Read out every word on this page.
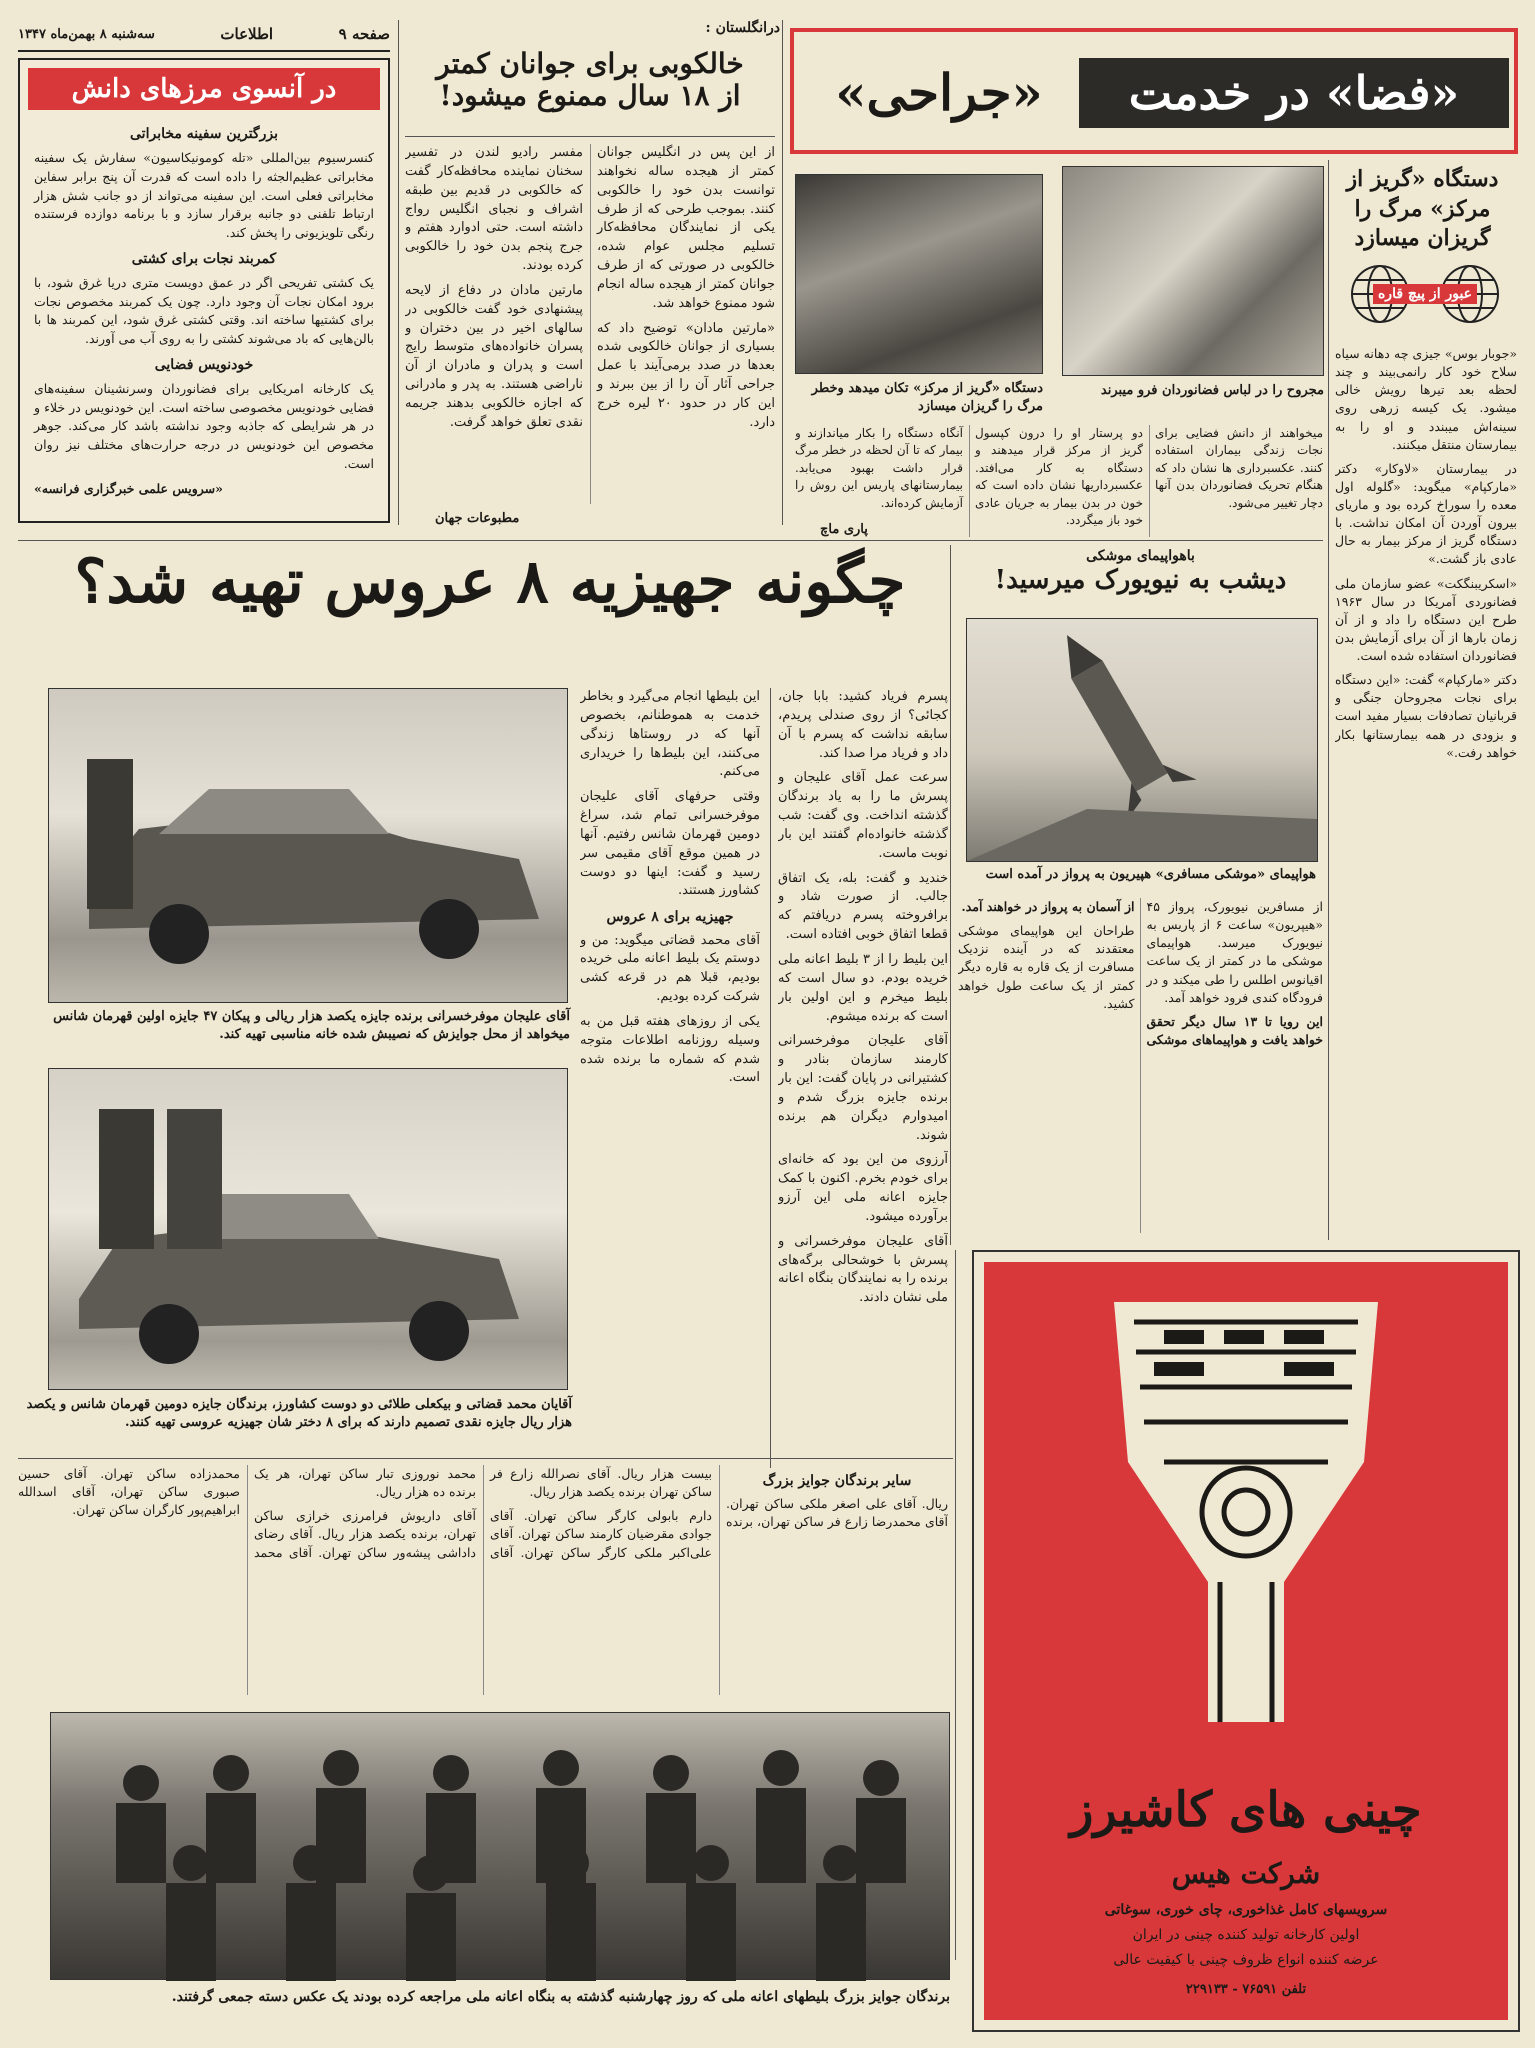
صفحه ۹
اطلاعات
سه‌شنبه ۸ بهمن‌ماه ۱۳۴۷	درانگلستان :
در آنسوی مرزهای دانش
بزرگترین سفینه مخابراتی

کنسرسیوم بین‌المللی «تله کومونیکاسیون» سفارش یک سفینه مخابراتی عظیم‌الجثه را داده است که قدرت آن پنج برابر سفاین مخابراتی فعلی است. این سفینه می‌تواند از دو جانب شش هزار ارتباط تلفنی دو جانبه برقرار سازد و با برنامه دوازده فرستنده رنگی تلویزیونی را پخش کند.

کمربند نجات برای کشتی

یک کشتی تفریحی اگر در عمق دویست متری دریا غرق شود، با برود امکان نجات آن وجود دارد. چون یک کمربند مخصوص نجات برای کشتیها ساخته اند. وقتی کشتی غرق شود، این کمربند ها با بالن‌هایی که باد می‌شوند کشتی را به روی آب می آورند.

خودنویس فضایی

یک کارخانه امریکایی برای فضانوردان وسرنشینان سفینه‌های فضایی خودنویس مخصوصی ساخته است. این خودنویس در خلاء و در هر شرایطی که جاذبه وجود نداشته باشد کار می‌کند. جوهر مخصوص این خودنویس در درجه حرارت‌های مختلف نیز روان است.

«سرویس علمی خبرگزاری فرانسه»

خالکوبی برای جوانان کمتر
از ۱۸ سال ممنوع میشود!

از این پس در انگلیس جوانان کمتر از هیجده ساله نخواهند توانست بدن خود را خالکوبی کنند. بموجب طرحی که از طرف یکی از نمایندگان محافظه‌کار تسلیم مجلس عوام شده، خالکوبی در صورتی که از طرف جوانان کمتر از هیجده ساله انجام شود ممنوع خواهد شد.

«مارتین مادان» توضیح داد که بسیاری از جوانان خالکوبی شده بعدها در صدد برمی‌آیند با عمل جراحی آثار آن را از بین ببرند و این کار در حدود ۲۰ لیره خرج دارد.

مفسر رادیو لندن در تفسیر سخنان نماینده محافظه‌کار گفت که خالکوبی در قدیم بین طبقه اشراف و نجبای انگلیس رواج داشته است. حتی ادوارد هفتم و جرج پنجم بدن خود را خالکوبی کرده بودند.

مارتین مادان در دفاع از لایحه پیشنهادی خود گفت خالکوبی در سالهای اخیر در بین دختران و پسران خانواده‌های متوسط رایج است و پدران و مادران از آن ناراضی هستند. به پدر و مادرانی که اجازه خالکوبی بدهند جریمه نقدی تعلق خواهد گرفت.

مطبوعات جهان
«فضا» در خدمت
«جراحی»
دستگاه «گریز از مرکز» مرگ را گریزان میسازد
عبور از پیچ قاره
دستگاه «گریز از مرکز» تکان میدهد وخطر مرگ را گریزان میسازد
مجروح را در لباس فضانوردان فرو میبرند

«جوبار بوس» جیزی چه دهانه سیاه سلاح خود کار رانمی‌بیند و چند لحظه بعد تیرها رویش خالی میشود. یک کیسه زرهی روی سینه‌اش میبندد و او را به بیمارستان منتقل میکنند.

در بیمارستان «لاوکار» دکتر «مارکپام» میگوید: «گلوله اول معده را سوراخ کرده بود و ماریای بیرون آوردن آن امکان نداشت. با دستگاه گریز از مرکز بیمار به حال عادی باز گشت.»

«اسکریبنگکت» عضو سازمان ملی فضانوردی آمریکا در سال ۱۹۶۳ طرح این دستگاه را داد و از آن زمان بارها از آن برای آزمایش بدن فضانوردان استفاده شده است.

دکتر «مارکپام» گفت: «این دستگاه برای نجات مجروحان جنگی و قربانیان تصادفات بسیار مفید است و بزودی در همه بیمارستانها بکار خواهد رفت.»

میخواهند از دانش فضایی برای نجات زندگی بیماران استفاده کنند. عکسبرداری ها نشان داد که هنگام تحریک فضانوردان بدن آنها دچار تغییر می‌شود.

دو پرستار او را درون کپسول گریز از مرکز قرار میدهند و دستگاه به کار می‌افتد. عکسبرداریها نشان داده است که خون در بدن بیمار به جریان عادی خود باز میگردد.

آنگاه دستگاه را بکار میاندازند و بیمار که تا آن لحظه در خطر مرگ قرار داشت بهبود می‌یابد. بیمارستانهای پاریس این روش را آزمایش کرده‌اند.

پاری ماچ
چگونه جهیزیه ۸ عروس تهیه شد؟	باهواپیمای موشکی
دیشب به نیویورک میرسید!
هواپیمای «موشکی مسافری» هپیریون به پرواز در آمده است

از مسافرین نیویورک، پرواز ۴۵ «هیپریون» ساعت ۶ از پاریس به نیویورک میرسد. هواپیمای موشکی ما در کمتر از یک ساعت اقیانوس اطلس را طی میکند و در فرودگاه کندی فرود خواهد آمد.

این رویا تا ۱۳ سال دیگر تحقق خواهد یافت و هواپیماهای موشکی از آسمان به پرواز در خواهند آمد.

طراحان این هواپیمای موشکی معتقدند که در آینده نزدیک مسافرت از یک قاره به قاره دیگر کمتر از یک ساعت طول خواهد کشید.

آقای علیجان موفرخسرانی برنده جایزه یکصد هزار ریالی و پیکان ۴۷ جایزه اولین قهرمان شانس میخواهد از محل جوایزش که نصیبش شده خانه مناسبی تهیه کند.
آقایان محمد قضاتی و بیکعلی طلائی دو دوست کشاورز، برندگان جایزه دومین قهرمان شانس و یکصد هزار ریال جایزه نقدی تصمیم دارند که برای ۸ دختر شان جهیزیه عروسی تهیه کنند.

این بلیطها انجام می‌گیرد و بخاطر خدمت به هموطنانم، بخصوص آنها که در روستاها زندگی می‌کنند، این بلیط‌ها را خریداری می‌کنم.

وقتی حرفهای آقای علیجان موفرخسرانی تمام شد، سراغ دومین قهرمان شانس رفتیم. آنها در همین موقع آقای مقیمی سر رسید و گفت: اینها دو دوست کشاورز هستند.

جهیزیه برای ۸ عروس

آقای محمد قضاتی میگوید: من و دوستم یک بلیط اعانه ملی خریده بودیم، قبلا هم در قرعه کشی شرکت کرده بودیم.

یکی از روزهای هفته قبل من به وسیله روزنامه اطلاعات متوجه شدم که شماره ما برنده شده است.

پسرم فریاد کشید: بابا جان، کجائی؟ از روی صندلی پریدم، سابقه نداشت که پسرم با آن داد و فریاد مرا صدا کند.

سرعت عمل آقای علیجان و پسرش ما را به یاد برندگان گذشته انداخت. وی گفت: شب گذشته خانواده‌ام گفتند این بار نوبت ماست.

خندید و گفت: بله، یک اتفاق جالب. از صورت شاد و برافروخته پسرم دریافتم که قطعا اتفاق خوبی افتاده است.

این بلیط را از ۳ بلیط اعانه ملی خریده بودم. دو سال است که بلیط میخرم و این اولین بار است که برنده میشوم.

آقای علیجان موفرخسرانی کارمند سازمان بنادر و کشتیرانی در پایان گفت: این بار برنده جایزه بزرگ شدم و امیدوارم دیگران هم برنده شوند.

آرزوی من این بود که خانه‌ای برای خودم بخرم. اکنون با کمک جایزه اعانه ملی این آرزو برآورده میشود.

آقای علیجان موفرخسرانی و پسرش با خوشحالی برگه‌های برنده را به نمایندگان بنگاه اعانه ملی نشان دادند.

سایر برندگان جوایز بزرگ

ریال. آقای علی اصغر ملکی ساکن تهران. آقای محمدرضا زارع فر ساکن تهران، برنده بیست هزار ریال. آقای نصرالله زارع فر ساکن تهران برنده یکصد هزار ریال.

دارم بابولی کارگر ساکن تهران. آقای جوادی مقرضیان کارمند ساکن تهران. آقای علی‌اکبر ملکی کارگر ساکن تهران. آقای محمد نوروزی تبار ساکن تهران، هر یک برنده ده هزار ریال.

آقای داریوش فرامرزی خرازی ساکن تهران، برنده یکصد هزار ریال. آقای رضای داداشی پیشه‌ور ساکن تهران. آقای محمد محمدزاده ساکن تهران. آقای حسین صبوری ساکن تهران، آقای اسدالله ابراهیم‌پور کارگران ساکن تهران.

برندگان جوایز بزرگ بلیطهای اعانه ملی که روز چهارشنبه گذشته به بنگاه اعانه ملی مراجعه کرده بودند یک عکس دسته جمعی گرفتند.
چینی های کاشیرز
شرکت هیس
سرویسهای کامل غذاخوری، چای خوری، سوغاتی
اولین کارخانه تولید کننده چینی در ایران
عرضه کننده انواع ظروف چینی با کیفیت عالی
تلفن ۷۶۵۹۱ - ۲۲۹۱۳۳
